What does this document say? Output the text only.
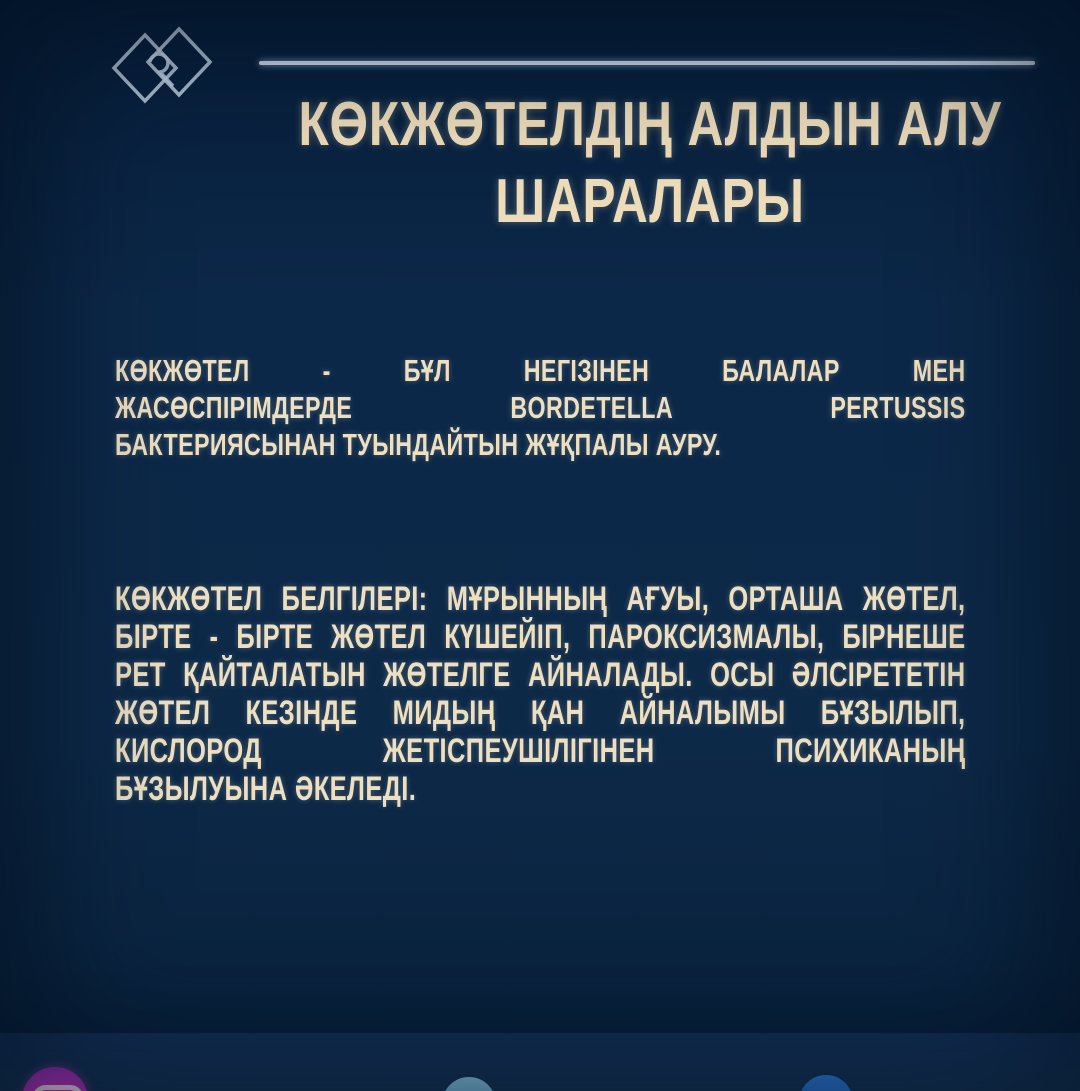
КӨКЖӨТЕЛДІҢ АЛДЫН АЛУ
ШАРАЛАРЫ
КӨКЖӨТЕЛ - БҰЛ НЕГІЗІНЕН БАЛАЛАР МЕН
ЖАСӨСПІРІМДЕРДЕ BORDETELLA PERTUSSIS
БАКТЕРИЯСЫНАН ТУЫНДАЙТЫН ЖҰҚПАЛЫ АУРУ.
КӨКЖӨТЕЛ БЕЛГІЛЕРІ: МҰРЫННЫҢ АҒУЫ, ОРТАША ЖӨТЕЛ,
БІРТЕ - БІРТЕ ЖӨТЕЛ КҮШЕЙІП, ПАРОКСИЗМАЛЫ, БІРНЕШЕ
РЕТ ҚАЙТАЛАТЫН ЖӨТЕЛГЕ АЙНАЛАДЫ. ОСЫ ӘЛСІРЕТЕТІН
ЖӨТЕЛ КЕЗІНДЕ МИДЫҢ ҚАН АЙНАЛЫМЫ БҰЗЫЛЫП,
КИСЛОРОД ЖЕТІСПЕУШІЛІГІНЕН ПСИХИКАНЫҢ
БҰЗЫЛУЫНА ӘКЕЛЕДІ.
